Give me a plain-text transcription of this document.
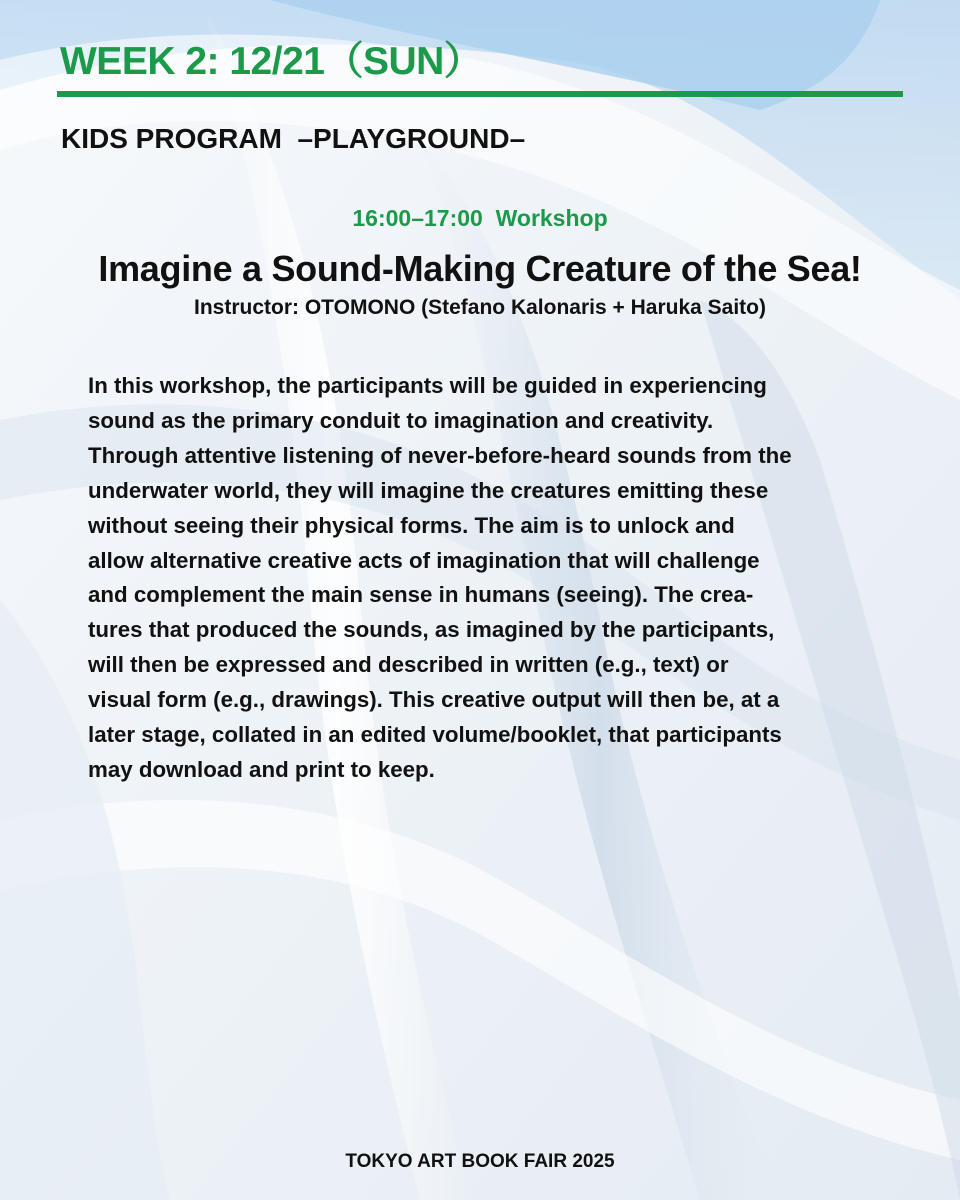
WEEK 2: 12/21（SUN）
KIDS PROGRAM  –PLAYGROUND–
16:00–17:00  Workshop
Imagine a Sound-Making Creature of the Sea!
Instructor: OTOMONO (Stefano Kalonaris + Haruka Saito)
In this workshop, the participants will be guided in experiencing
sound as the primary conduit to imagination and creativity.
Through attentive listening of never-before-heard sounds from the
underwater world, they will imagine the creatures emitting these
without seeing their physical forms. The aim is to unlock and
allow alternative creative acts of imagination that will challenge
and complement the main sense in humans (seeing). The crea-
tures that produced the sounds, as imagined by the participants,
will then be expressed and described in written (e.g., text) or
visual form (e.g., drawings). This creative output will then be, at a
later stage, collated in an edited volume/booklet, that participants
may download and print to keep.
TOKYO ART BOOK FAIR 2025
